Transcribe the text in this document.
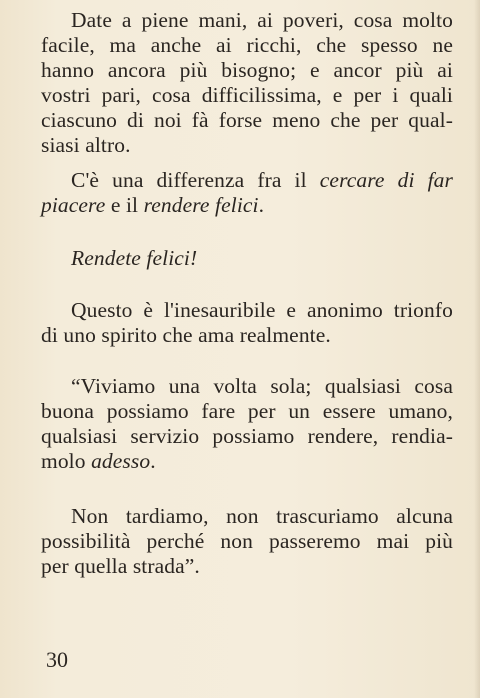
Date a piene mani, ai poveri, cosa molto
facile, ma anche ai ricchi, che spesso ne
hanno ancora più bisogno; e ancor più ai
vostri pari, cosa difficilissima, e per i quali
ciascuno di noi fà forse meno che per qual-
siasi altro.
C'è una differenza fra il cercare di far
piacere e il rendere felici.
Rendete felici!
Questo è l'inesauribile e anonimo trionfo
di uno spirito che ama realmente.
“Viviamo una volta sola; qualsiasi cosa
buona possiamo fare per un essere umano,
qualsiasi servizio possiamo rendere, rendia-
molo adesso.
Non tardiamo, non trascuriamo alcuna
possibilità perché non passeremo mai più
per quella strada”.
30
